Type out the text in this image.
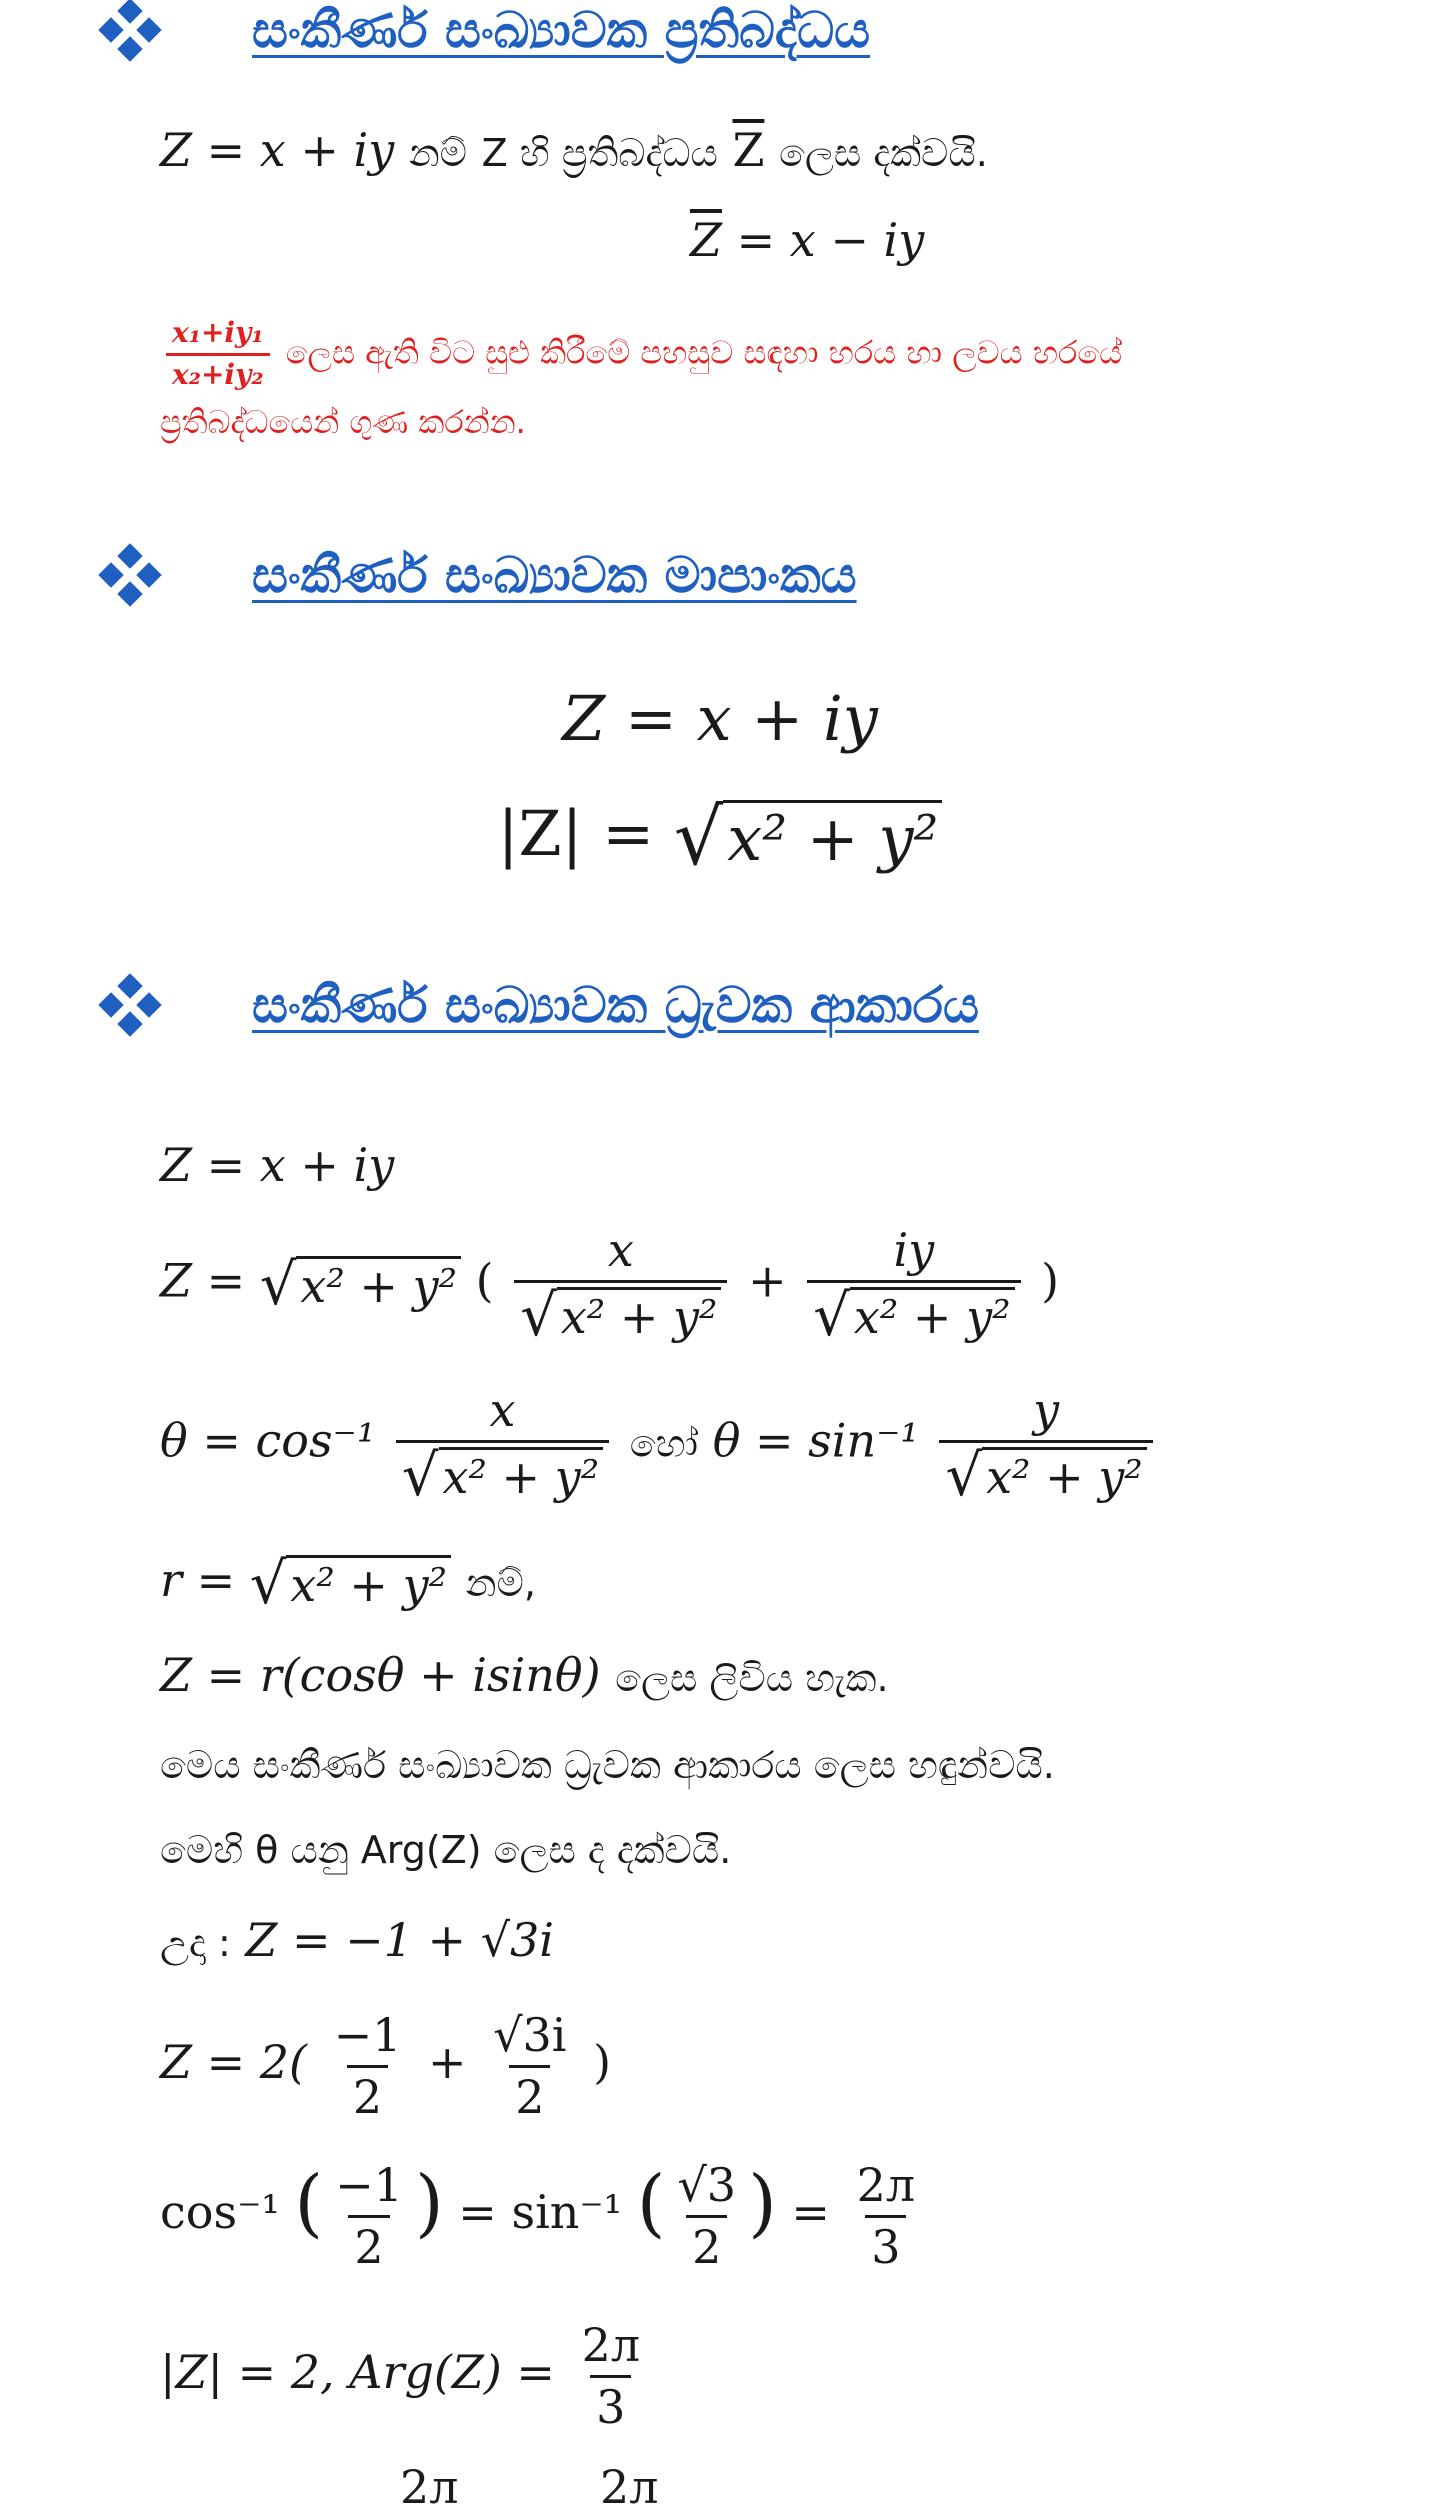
සංකීර්ණ සංඛ්‍යාවක ප්‍රතිබද්ධය
Z = x + iy නම් Z හි ප්‍රතිබද්ධය $\overline{Z}$ ලෙස දක්වයි.
$\overline{Z} = x$ − iy
$\frac{\text{x₁+iy₁}}{\text{x₂+iy₂}}$ ලෙස ඇති විට සුළු කිරීමේ පහසුව සඳහා හරය හා ලවය හරයේ
ප්‍රතිබද්ධයෙන් ගුණ කරන්න.
සංකීර්ණ සංඛ්‍යාවක මාපාංකය
Z = x + iy
|Z| = √ x² + y²
සංකීර්ණ සංඛ්‍යාවක ධ්‍රැවක ආකාරය
Z = x + iy
Z = √ x² + y² ( $\frac{x}{\text{√ x² + y²}} + \frac{iy}{\text{√ x² + y²}}$ )
$\theta = \cos^{-1} \frac{x}{\text{√ x² + y²}}$ හෝ $\theta = \sin^{-1} \frac{y}{\text{√ x² + y²}}$
r = √ x² + y² නම්,
Z = r(cosθ + isinθ) ලෙස ලිවිය හැක.
මෙය සංකීර්ණ සංඛ්‍යාවක ධ්‍රැවක ආකාරය ලෙස හඳුන්වයි.
මෙහි θ යනු Arg(Z) ලෙස ද දක්වයි.
උදා : Z = −1 + √3i
$Z = 2( \frac{-1}{2} + \frac{√3i}{2}$ )
cos⁻¹ ( $\frac{-1}{2}$ ) = sin⁻¹ ( $\frac{√3}{2}$ ) = $\frac{2л}{3}$
|Z| = 2, $Arg(Z) = \frac{2л}{3}$
2л	2л
